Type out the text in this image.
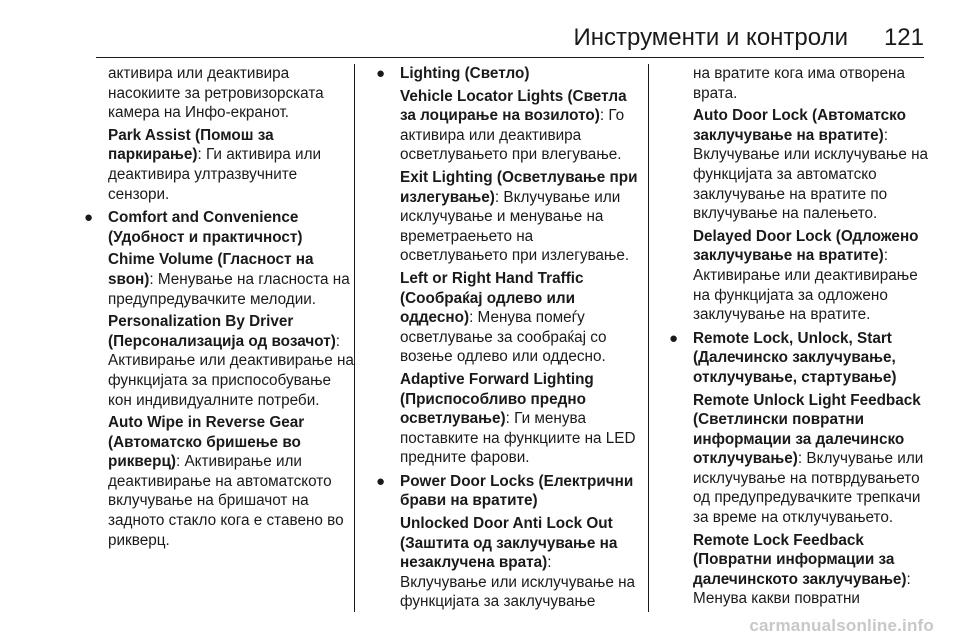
Инструменти и контроли 121

активира или деактивира насокиите за ретровизорската камера на Инфо-екранот.

Park Assist (Помош за паркирање): Ги активира или деактивира ултразвучните сензори.

● Comfort and Convenience (Удобност и практичност)

Chime Volume (Гласност на ѕвон): Менување на гласноста на предупредувачките мелодии.

Personalization By Driver (Персонализација од возачот): Активирање или деактивирање на функцијата за приспособување кон индивидуалните потреби.

Auto Wipe in Reverse Gear (Автоматско бришење во рикверц): Активирање или деактивирање на автоматското вклучување на бришачот на задното стакло кога е ставено во рикверц.

● Lighting (Светло)

Vehicle Locator Lights (Светла за лоцирање на возилото): Го активира или деактивира осветлувањето при влегување.

Exit Lighting (Осветлување при излегување): Вклучување или исклучување и менување на времетраењето на осветлувањето при излегување.

Left or Right Hand Traffic (Сообраќај одлево или оддесно): Менува помеѓу осветлување за сообраќај со возење одлево или оддесно.

Adaptive Forward Lighting (Приспособливо предно осветлување): Ги менува поставките на функциите на LED предните фарови.

● Power Door Locks (Електрични брави на вратите)

Unlocked Door Anti Lock Out (Заштита од заклучување на незаклучена врата): Вклучување или исклучување на функцијата за заклучување

на вратите кога има отворена врата.

Auto Door Lock (Автоматско заклучување на вратите): Вклучување или исклучување на функцијата за автоматско заклучување на вратите по вклучување на палењето.

Delayed Door Lock (Одложено заклучување на вратите): Активирање или деактивирање на функцијата за одложено заклучување на вратите.

● Remote Lock, Unlock, Start (Далечинско заклучување, отклучување, стартување)

Remote Unlock Light Feedback (Светлински повратни информации за далечинско отклучување): Вклучување или исклучување на потврдувањето од предупредувачките трепкачи за време на отклучувањето.

Remote Lock Feedback (Повратни информации за далечинското заклучување): Менува какви повратни

carmanualsonline.info
